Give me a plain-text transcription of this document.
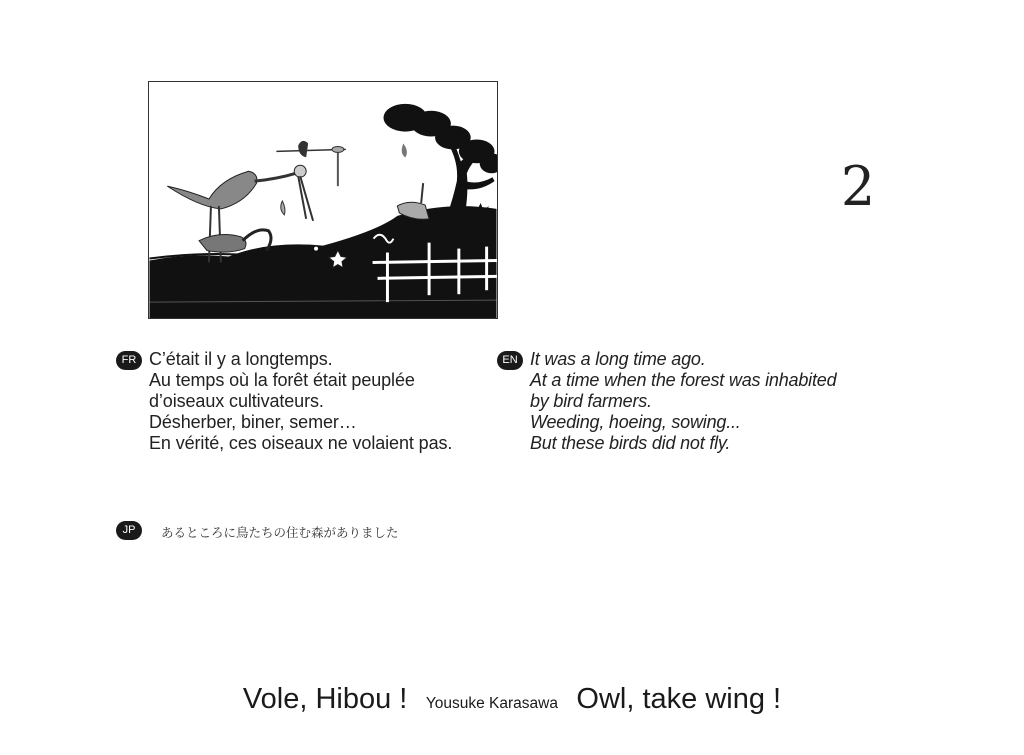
2
FR C’était il y a longtemps.
Au temps où la forêt était peuplée
d’oiseaux cultivateurs.
Désherber, biner, semer…
En vérité, ces oiseaux ne volaient pas.
EN It was a long time ago.
At a time when the forest was inhabited
by bird farmers.
Weeding, hoeing, sowing...
But these birds did not fly.
JP	あるところに鳥たちの住む森がありました
Vole, Hibou ! Yousuke Karasawa Owl, take wing !
